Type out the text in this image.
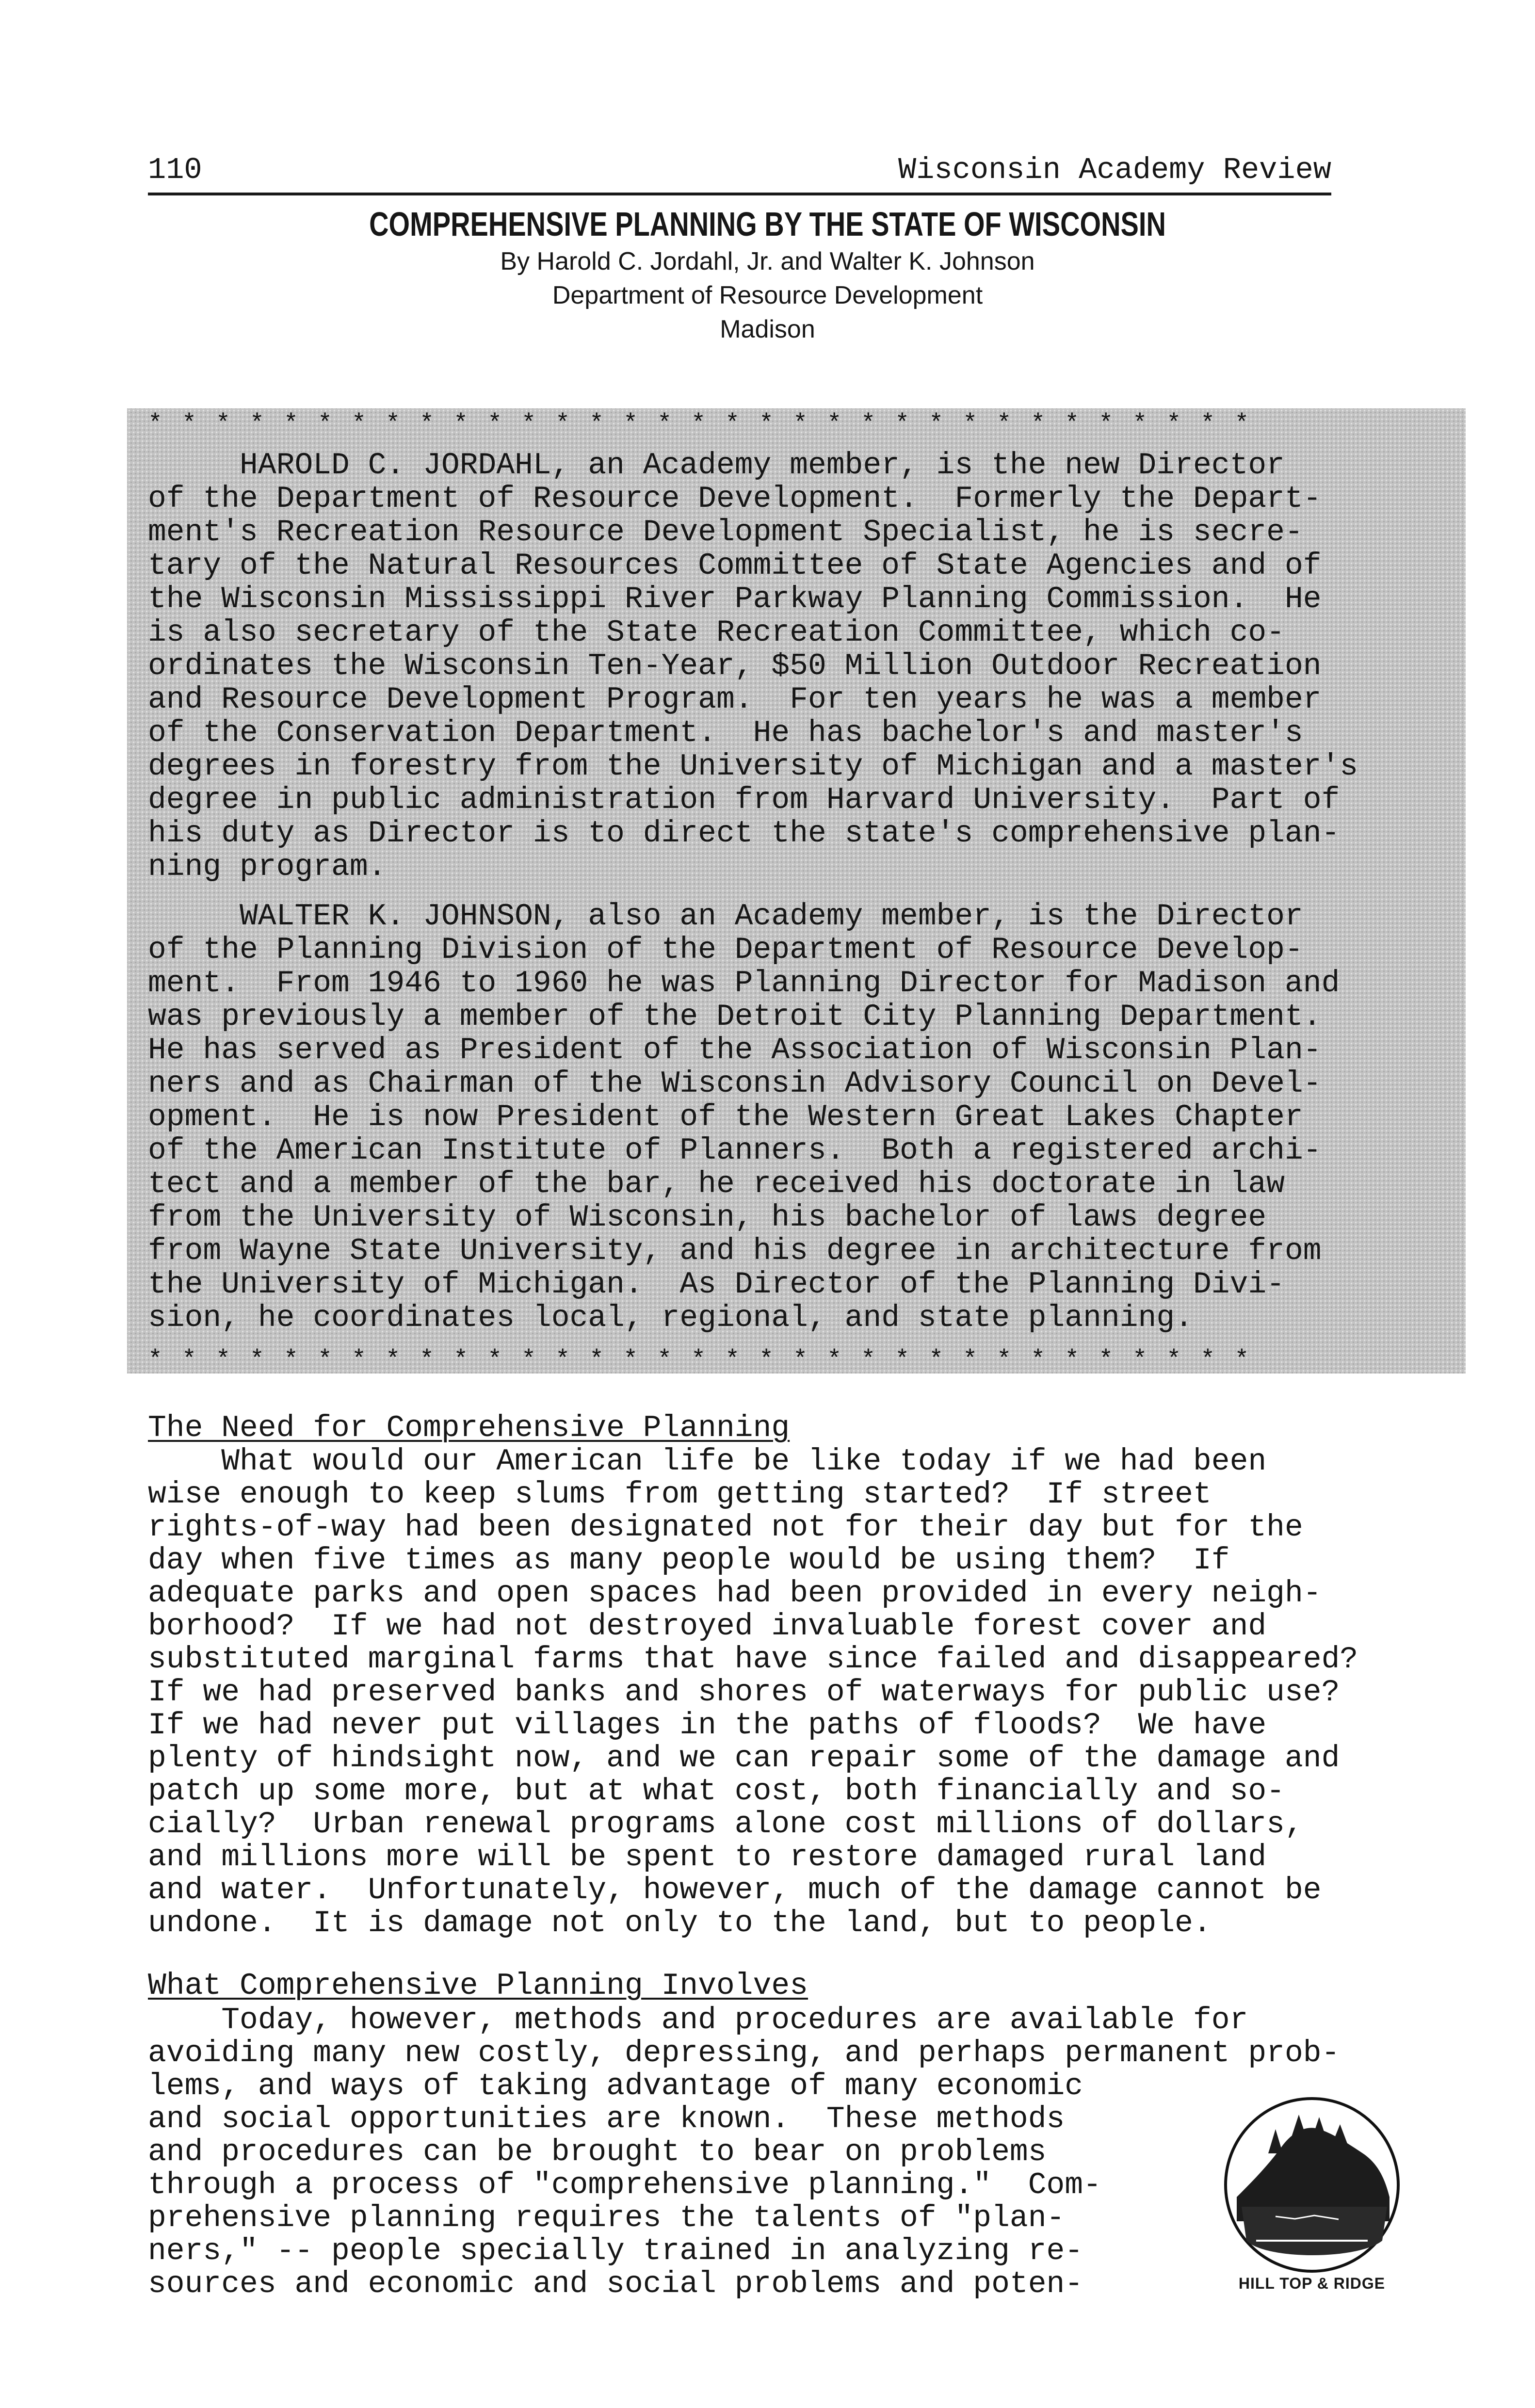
110	Wisconsin Academy Review
COMPREHENSIVE PLANNING BY THE STATE OF WISCONSIN
By Harold C. Jordahl, Jr. and Walter K. Johnson
Department of Resource Development
Madison
* * * * * * * * * * * * * * * * * * * * * * * * * * * * * * * * *
HAROLD C. JORDAHL, an Academy member, is the new Director
of the Department of Resource Development.  Formerly the Depart-
ment's Recreation Resource Development Specialist, he is secre-
tary of the Natural Resources Committee of State Agencies and of
the Wisconsin Mississippi River Parkway Planning Commission.  He
is also secretary of the State Recreation Committee, which co-
ordinates the Wisconsin Ten-Year, $50 Million Outdoor Recreation
and Resource Development Program.  For ten years he was a member
of the Conservation Department.  He has bachelor's and master's
degrees in forestry from the University of Michigan and a master's
degree in public administration from Harvard University.  Part of
his duty as Director is to direct the state's comprehensive plan-
ning program.
WALTER K. JOHNSON, also an Academy member, is the Director
of the Planning Division of the Department of Resource Develop-
ment.  From 1946 to 1960 he was Planning Director for Madison and
was previously a member of the Detroit City Planning Department.
He has served as President of the Association of Wisconsin Plan-
ners and as Chairman of the Wisconsin Advisory Council on Devel-
opment.  He is now President of the Western Great Lakes Chapter
of the American Institute of Planners.  Both a registered archi-
tect and a member of the bar, he received his doctorate in law
from the University of Wisconsin, his bachelor of laws degree
from Wayne State University, and his degree in architecture from
the University of Michigan.  As Director of the Planning Divi-
sion, he coordinates local, regional, and state planning.
* * * * * * * * * * * * * * * * * * * * * * * * * * * * * * * * *
The Need for Comprehensive Planning
What would our American life be like today if we had been
wise enough to keep slums from getting started?  If street
rights-of-way had been designated not for their day but for the
day when five times as many people would be using them?  If
adequate parks and open spaces had been provided in every neigh-
borhood?  If we had not destroyed invaluable forest cover and
substituted marginal farms that have since failed and disappeared?
If we had preserved banks and shores of waterways for public use?
If we had never put villages in the paths of floods?  We have
plenty of hindsight now, and we can repair some of the damage and
patch up some more, but at what cost, both financially and so-
cially?  Urban renewal programs alone cost millions of dollars,
and millions more will be spent to restore damaged rural land
and water.  Unfortunately, however, much of the damage cannot be
undone.  It is damage not only to the land, but to people.
What Comprehensive Planning Involves
Today, however, methods and procedures are available for
avoiding many new costly, depressing, and perhaps permanent prob-
lems, and ways of taking advantage of many economic
and social opportunities are known.  These methods
and procedures can be brought to bear on problems
through a process of "comprehensive planning."  Com-
prehensive planning requires the talents of "plan-
ners," -- people specially trained in analyzing re-
sources and economic and social problems and poten-	HILL TOP & RIDGE
